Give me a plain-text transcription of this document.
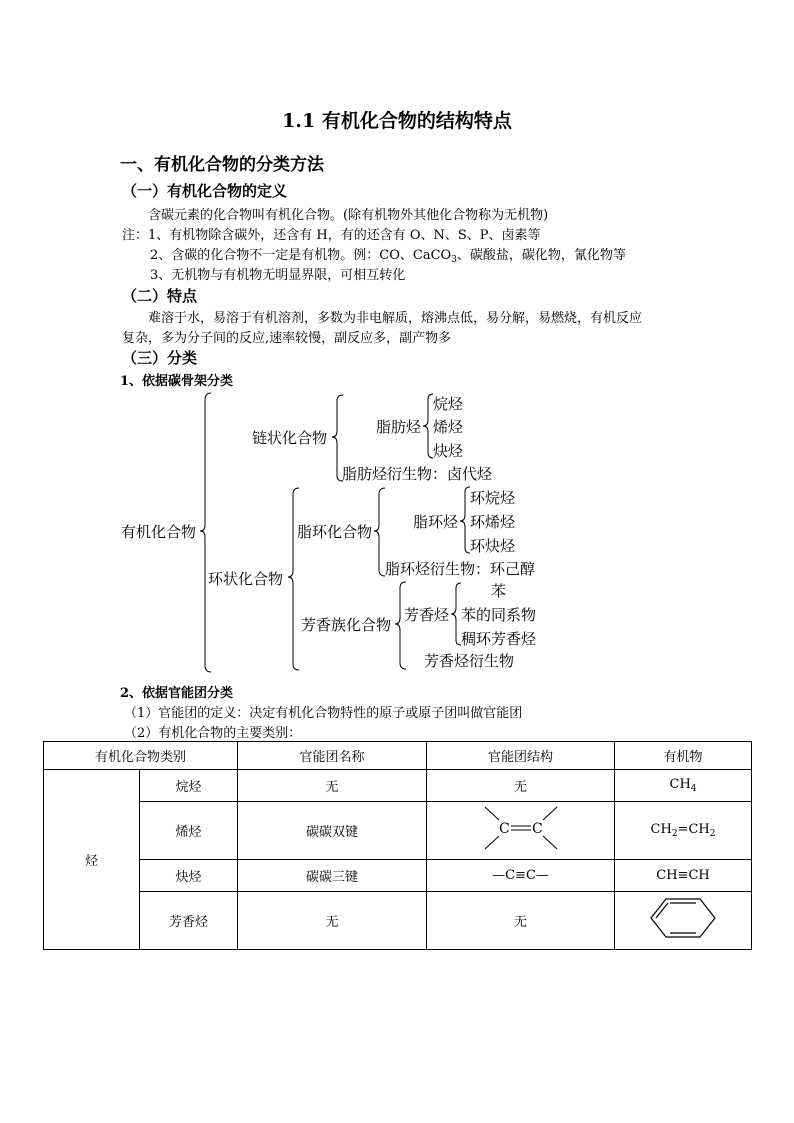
1.1 有机化合物的结构特点
一、有机化合物的分类方法
（一）有机化合物的定义
含碳元素的化合物叫有机化合物。(除有机物外其他化合物称为无机物)
注：1、有机物除含碳外，还含有 H，有的还含有 O、N、S、P、卤素等
2、含碳的化合物不一定是有机物。例：CO、CaCO$_3$、碳酸盐，碳化物，氰化物等
3、无机物与有机物无明显界限，可相互转化
（二）特点
难溶于水，易溶于有机溶剂，多数为非电解质，熔沸点低，易分解，易燃烧，有机反应
复杂，多为分子间的反应,速率较慢，副反应多，副产物多
（三）分类
1、依据碳骨架分类
有机化合物
链状化合物
脂肪烃
烷烃
烯烃
炔烃
脂肪烃衍生物：卤代烃
环状化合物
脂环化合物
脂环烃
环烷烃
环烯烃
环炔烃
脂环烃衍生物：环己醇
芳香族化合物
芳香烃
苯
苯的同系物
稠环芳香烃
芳香烃衍生物
2、依据官能团分类
（1）官能团的定义：决定有机化合物特性的原子或原子团叫做官能团
（2）有机化合物的主要类别：
有机化合物类别		官能团名称	官能团结构	有机物
烃	烷烃	无	无	$CH_4$
	烯烃	碳碳双键	C C	$CH_2=CH_2$
	炔烃	碳碳三键	—C≡C—	CH≡CH
	芳香烃	无	无	
